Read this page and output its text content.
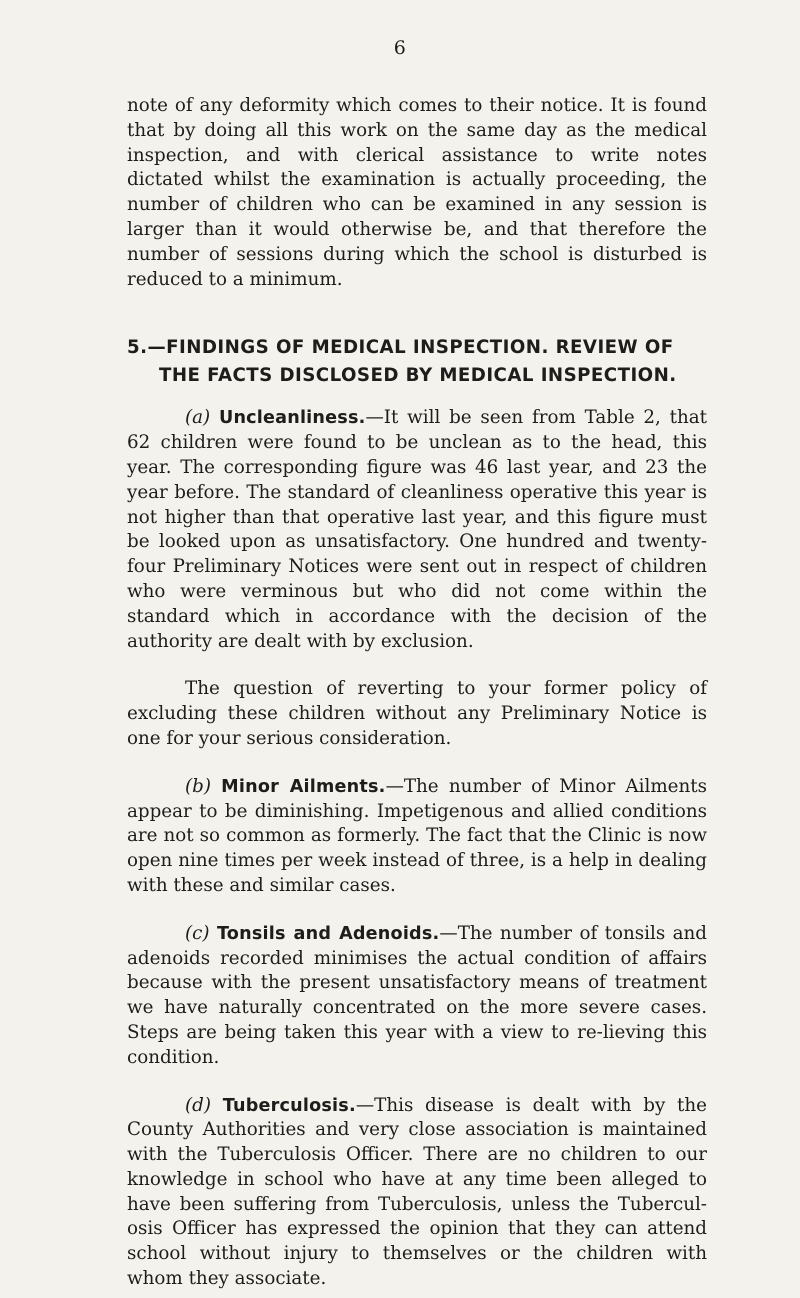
6

note of any deformity which comes to their notice. It is found that by doing all this work on the same day as the medical inspection, and with clerical assistance to write notes dictated whilst the examination is actually proceeding, the number of children who can be examined in any session is larger than it would otherwise be, and that therefore the number of sessions during which the school is disturbed is reduced to a minimum.

5.—FINDINGS OF MEDICAL INSPECTION. REVIEW OF
THE FACTS DISCLOSED BY MEDICAL INSPECTION.

(a) Uncleanliness.—It will be seen from Table 2, that 62 children were found to be unclean as to the head, this year. The corresponding figure was 46 last year, and 23 the year before. The standard of cleanliness operative this year is not higher than that operative last year, and this figure must be looked upon as unsatisfactory. One hundred and twenty-four Preliminary Notices were sent out in respect of children who were verminous but who did not come within the standard which in accordance with the decision of the authority are dealt with by exclusion.

The question of reverting to your former policy of excluding these children without any Preliminary Notice is one for your serious consideration.

(b) Minor Ailments.—The number of Minor Ailments appear to be diminishing. Impetigenous and allied conditions are not so common as formerly. The fact that the Clinic is now open nine times per week instead of three, is a help in dealing with these and similar cases.

(c) Tonsils and Adenoids.—The number of tonsils and adenoids recorded minimises the actual condition of affairs because with the present unsatisfactory means of treatment we have naturally concentrated on the more severe cases. Steps are being taken this year with a view to re-lieving this condition.

(d) Tuberculosis.—This disease is dealt with by the County Authorities and very close association is maintained with the Tuberculosis Officer. There are no children to our knowledge in school who have at any time been alleged to have been suffering from Tuberculosis, unless the Tubercul-osis Officer has expressed the opinion that they can attend school without injury to themselves or the children with whom they associate.
